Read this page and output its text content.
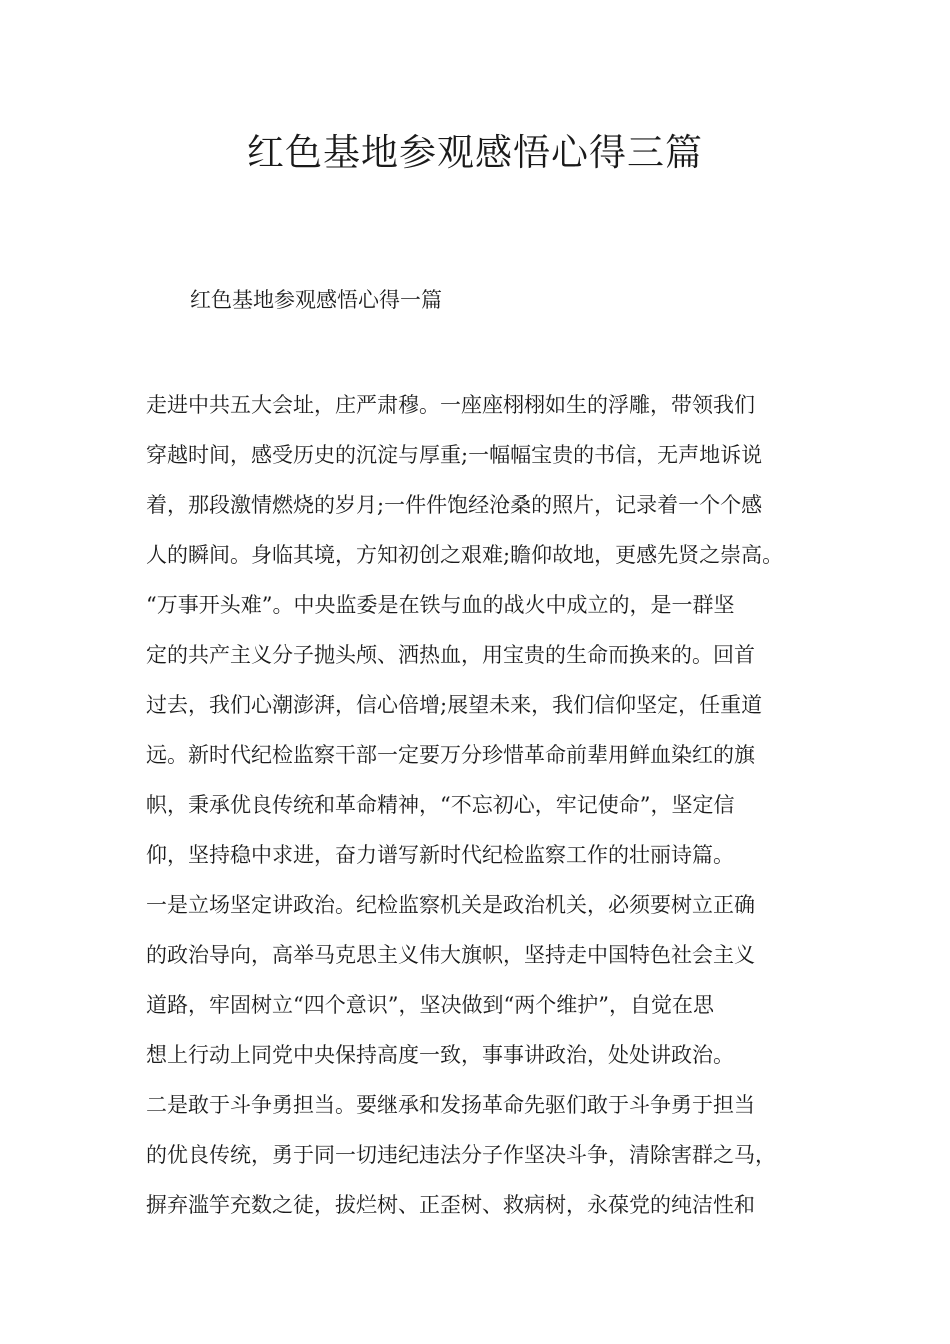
红色基地参观感悟心得三篇
红色基地参观感悟心得一篇

走进中共五大会址，庄严肃穆。一座座栩栩如生的浮雕，带领我们
穿越时间，感受历史的沉淀与厚重;一幅幅宝贵的书信，无声地诉说
着，那段激情燃烧的岁月;一件件饱经沧桑的照片，记录着一个个感
人的瞬间。身临其境，方知初创之艰难;瞻仰故地，更感先贤之崇高。
“万事开头难”。中央监委是在铁与血的战火中成立的，是一群坚
定的共产主义分子抛头颅、洒热血，用宝贵的生命而换来的。回首
过去，我们心潮澎湃，信心倍增;展望未来，我们信仰坚定，任重道
远。新时代纪检监察干部一定要万分珍惜革命前辈用鲜血染红的旗
帜，秉承优良传统和革命精神，“不忘初心，牢记使命”，坚定信
仰，坚持稳中求进，奋力谱写新时代纪检监察工作的壮丽诗篇。

一是立场坚定讲政治。纪检监察机关是政治机关，必须要树立正确
的政治导向，高举马克思主义伟大旗帜，坚持走中国特色社会主义
道路，牢固树立“四个意识”，坚决做到“两个维护”，自觉在思
想上行动上同党中央保持高度一致，事事讲政治，处处讲政治。

二是敢于斗争勇担当。要继承和发扬革命先驱们敢于斗争勇于担当
的优良传统，勇于同一切违纪违法分子作坚决斗争，清除害群之马，
摒弃滥竽充数之徒，拔烂树、正歪树、救病树，永葆党的纯洁性和
